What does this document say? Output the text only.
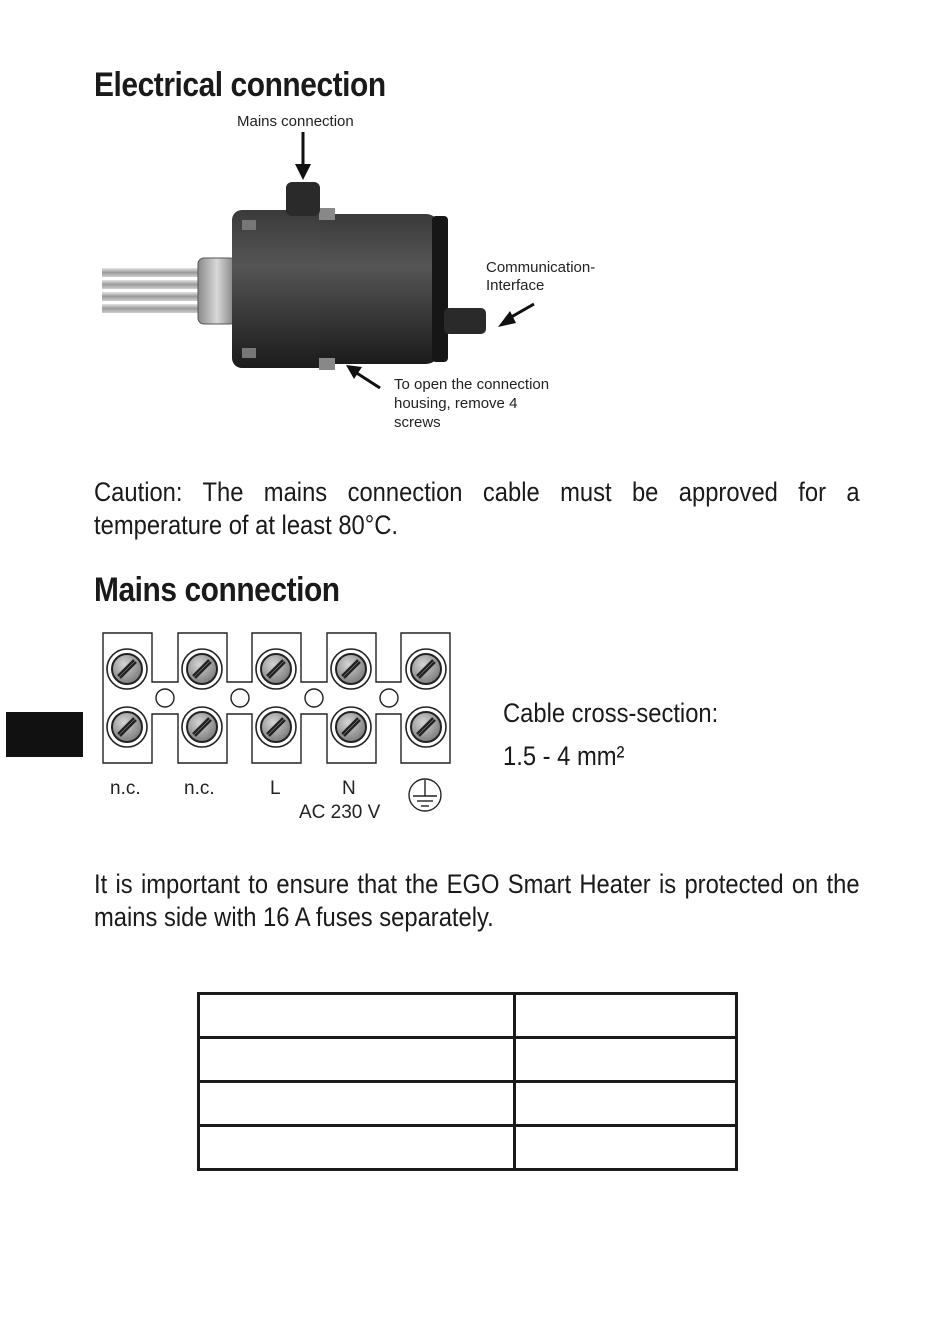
Electrical connection
Mains connection
Communication-
Interface
To open the connection
housing, remove 4
screws

Caution: The mains connection cable must be approved for a temperature of at least 80°C.

Mains connection
n.c. n.c.	L	N
AC 230 V
Cable cross-section:
1.5 - 4 mm²

It is important to ensure that the EGO Smart Heater is protected on the mains side with 16 A fuses separately.
